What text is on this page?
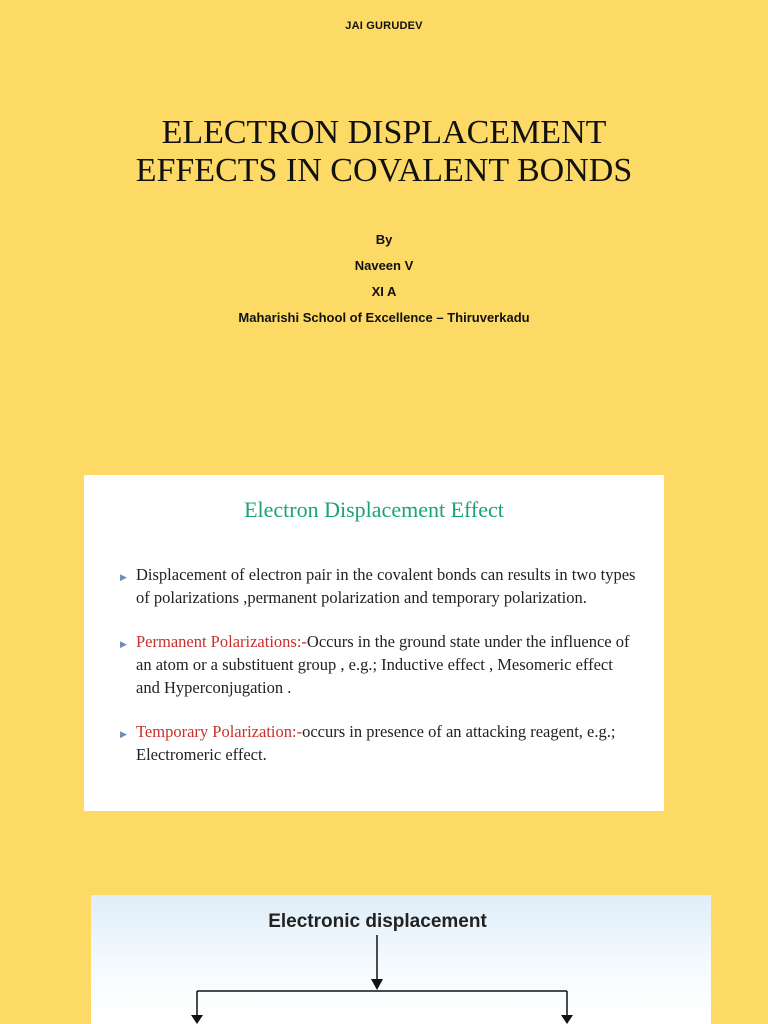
JAI GURUDEV
ELECTRON DISPLACEMENT
EFFECTS IN COVALENT BONDS
By
Naveen V
XI A
Maharishi School of Excellence – Thiruverkadu
Electron Displacement Effect
▶ Displacement of electron pair in the covalent bonds can results in two types of polarizations ,permanent polarization and temporary polarization.
▶ Permanent Polarizations:-Occurs in the ground state under the influence of an atom or a substituent group , e.g.; Inductive effect , Mesomeric effect and Hyperconjugation .
▶ Temporary Polarization:-occurs in presence of an attacking reagent, e.g.; Electromeric effect.
Electronic displacement
